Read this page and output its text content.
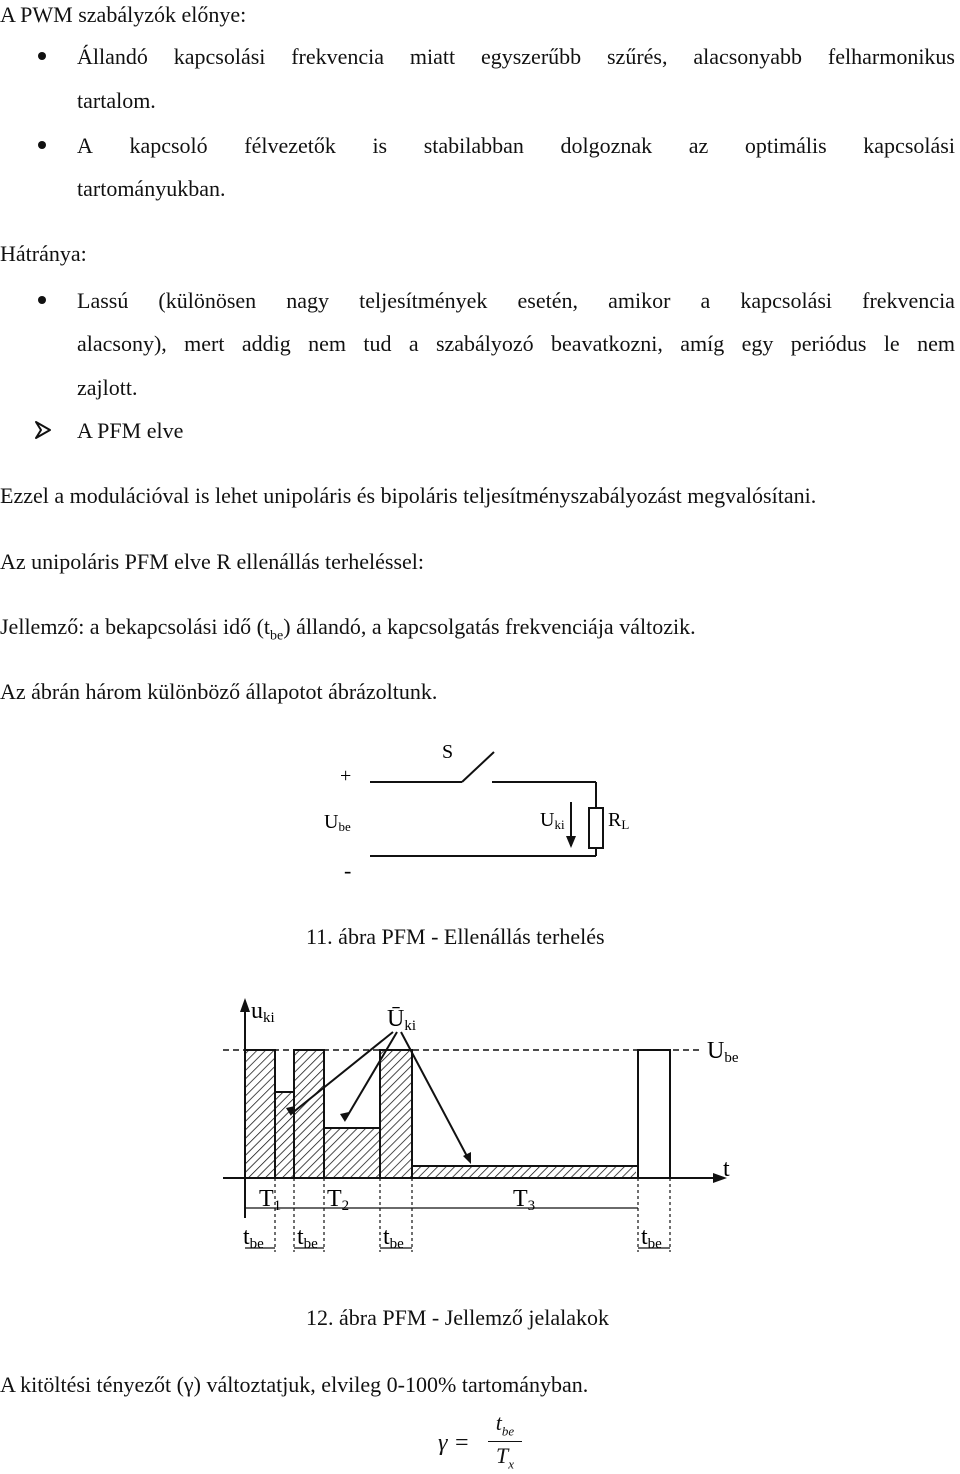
A PWM szabályzók előnye:
Állandó kapcsolási frekvencia miatt egyszerűbb szűrés, alacsonyabb felharmonikus
tartalom.
A kapcsoló félvezetők is stabilabban dolgoznak az optimális kapcsolási
tartományukban.
Hátránya:
Lassú (különösen nagy teljesítmények esetén, amikor a kapcsolási frekvencia
alacsony), mert addig nem tud a szabályozó beavatkozni, amíg egy periódus le nem
zajlott.
A PFM elve
Ezzel a modulációval is lehet unipoláris és bipoláris teljesítményszabályozást megvalósítani.
Az unipoláris PFM elve R ellenállás terheléssel:
Jellemző: a bekapcsolási idő $(t_{be})$ állandó, a kapcsolgatás frekvenciája változik.
Az ábrán három különböző állapotot ábrázoltunk.
S
+
-
Ube	Uki RL
11. ábra PFM - Ellenállás terhelés
uki	Ūki
Ube
t
T1 T2	T3
tbe tbe	tbe	tbe
12. ábra PFM - Jellemző jelalakok
A kitöltési tényezőt (γ) változtatjuk, elvileg 0-100% tartományban.
γ =
$t_{be}$
$T_x$
